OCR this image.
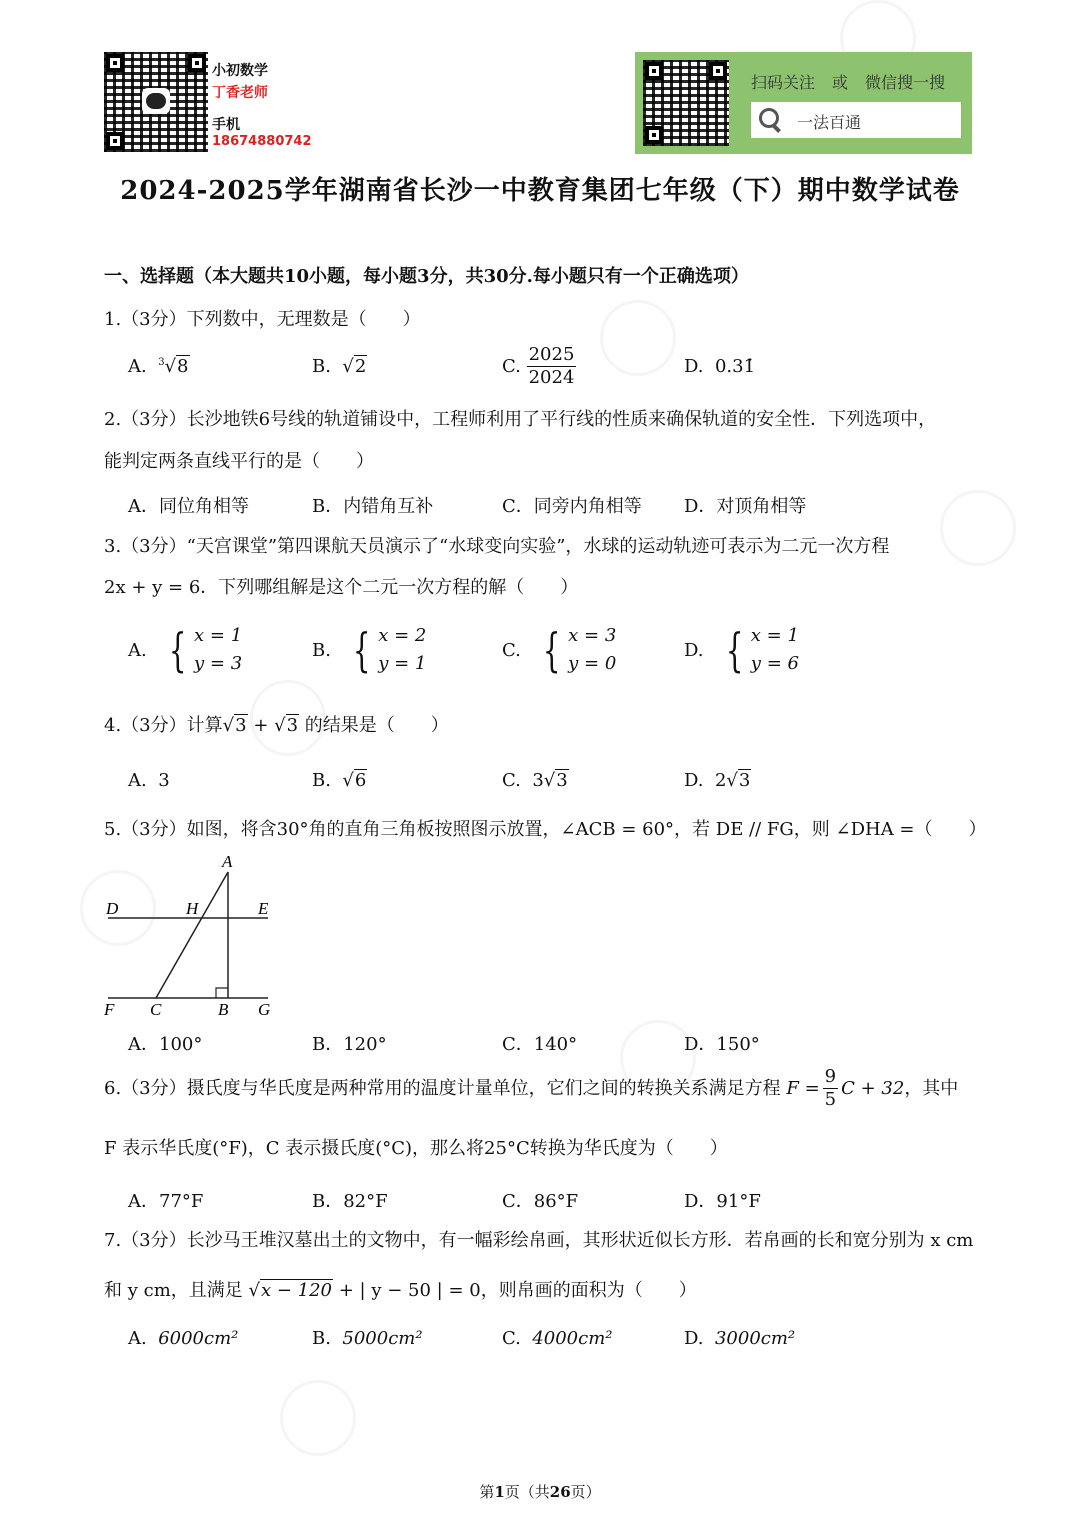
小初数学
丁香老师
手机
18674880742
扫码关注 或 微信搜一搜
一法百通
2024-2025学年湖南省长沙一中教育集团七年级（下）期中数学试卷
一、选择题（本大题共10小题，每小题3分，共30分.每小题只有一个正确选项）
1.（3分）下列数中，无理数是（　　）
A. $^3$√8	B.  √2	C.
$\frac{2025}{2024}$	D. 0.31̇
2.（3分）长沙地铁6号线的轨道铺设中，工程师利用了平行线的性质来确保轨道的安全性．下列选项中，
能判定两条直线平行的是（　　）
A．同位角相等	B．内错角互补	C．同旁内角相等 D．对顶角相等
3.（3分）“天宫课堂”第四课航天员演示了“水球变向实验”，水球的运动轨迹可表示为二元一次方程
2x + y = 6．下列哪组解是这个二元一次方程的解（　　）
A. { x = 1
y = 3
B. { x = 2
y = 1
C. { x = 3
y = 0
D. { x = 1
y = 6
4.（3分）计算√3 + √3 的结果是（　　）
A. 3	B.  √6	C. 3√3	D. 2√3
5.（3分）如图，将含30°角的直角三角板按照图示放置，∠ACB = 60°，若 DE // FG，则 ∠DHA =（　　）
A
D	H	E
F C	B G
A．100°	B．120°	C．140°	D．150°
6.（3分）摄氏度与华氏度是两种常用的温度计量单位，它们之间的转换关系满足方程
$F = \frac{9}{5}$ C + 32 ，其中
F 表示华氏度(°F)，C 表示摄氏度(°C)，那么将25°C转换为华氏度为（　　）
A．77°F	B．82°F	C．86°F	D．91°F
7.（3分）长沙马王堆汉墓出土的文物中，有一幅彩绘帛画，其形状近似长方形．若帛画的长和宽分别为 x cm
和 y cm，且满足 √x − 120 + | y − 50 | = 0，则帛画的面积为（　　）
A. 6000cm²	B. 5000cm²	C. 4000cm²	D. 3000cm²
第1页（共26页）
